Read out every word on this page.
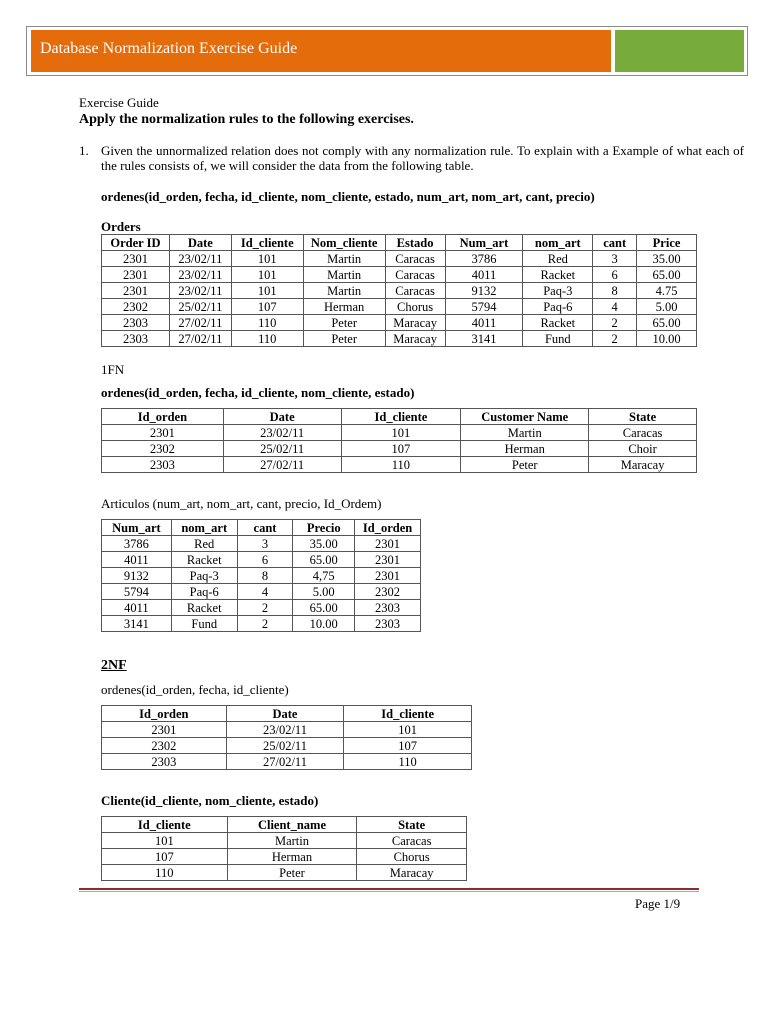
Database Normalization Exercise Guide
Exercise Guide
Apply the normalization rules to the following exercises.
1. Given the unnormalized relation does not comply with any normalization rule. To explain with a Example of what each of the rules consists of, we will consider the data from the following table.
ordenes(id_orden, fecha, id_cliente, nom_cliente, estado, num_art, nom_art, cant, precio)
Orders
Order ID	Date	Id_cliente	Nom_cliente	Estado	Num_art	nom_art	cant	Price
2301	23/02/11	101	Martin	Caracas	3786	Red	3	35.00
2301	23/02/11	101	Martin	Caracas	4011	Racket	6	65.00
2301	23/02/11	101	Martin	Caracas	9132	Paq-3	8	4.75
2302	25/02/11	107	Herman	Chorus	5794	Paq-6	4	5.00
2303	27/02/11	110	Peter	Maracay	4011	Racket	2	65.00
2303	27/02/11	110	Peter	Maracay	3141	Fund	2	10.00
1FN
ordenes(id_orden, fecha, id_cliente, nom_cliente, estado)
Id_orden	Date	Id_cliente	Customer Name	State
2301	23/02/11	101	Martin	Caracas
2302	25/02/11	107	Herman	Choir
2303	27/02/11	110	Peter	Maracay
Articulos (num_art, nom_art, cant, precio, Id_Ordem)
Num_art	nom_art	cant	Precio	Id_orden
3786	Red	3	35.00	2301
4011	Racket	6	65.00	2301
9132	Paq-3	8	4,75	2301
5794	Paq-6	4	5.00	2302
4011	Racket	2	65.00	2303
3141	Fund	2	10.00	2303
2NF
ordenes(id_orden, fecha, id_cliente)
Id_orden	Date	Id_cliente
2301	23/02/11	101
2302	25/02/11	107
2303	27/02/11	110
Cliente(id_cliente, nom_cliente, estado)
Id_cliente	Client_name	State
101	Martin	Caracas
107	Herman	Chorus
110	Peter	Maracay
Page 1/9
